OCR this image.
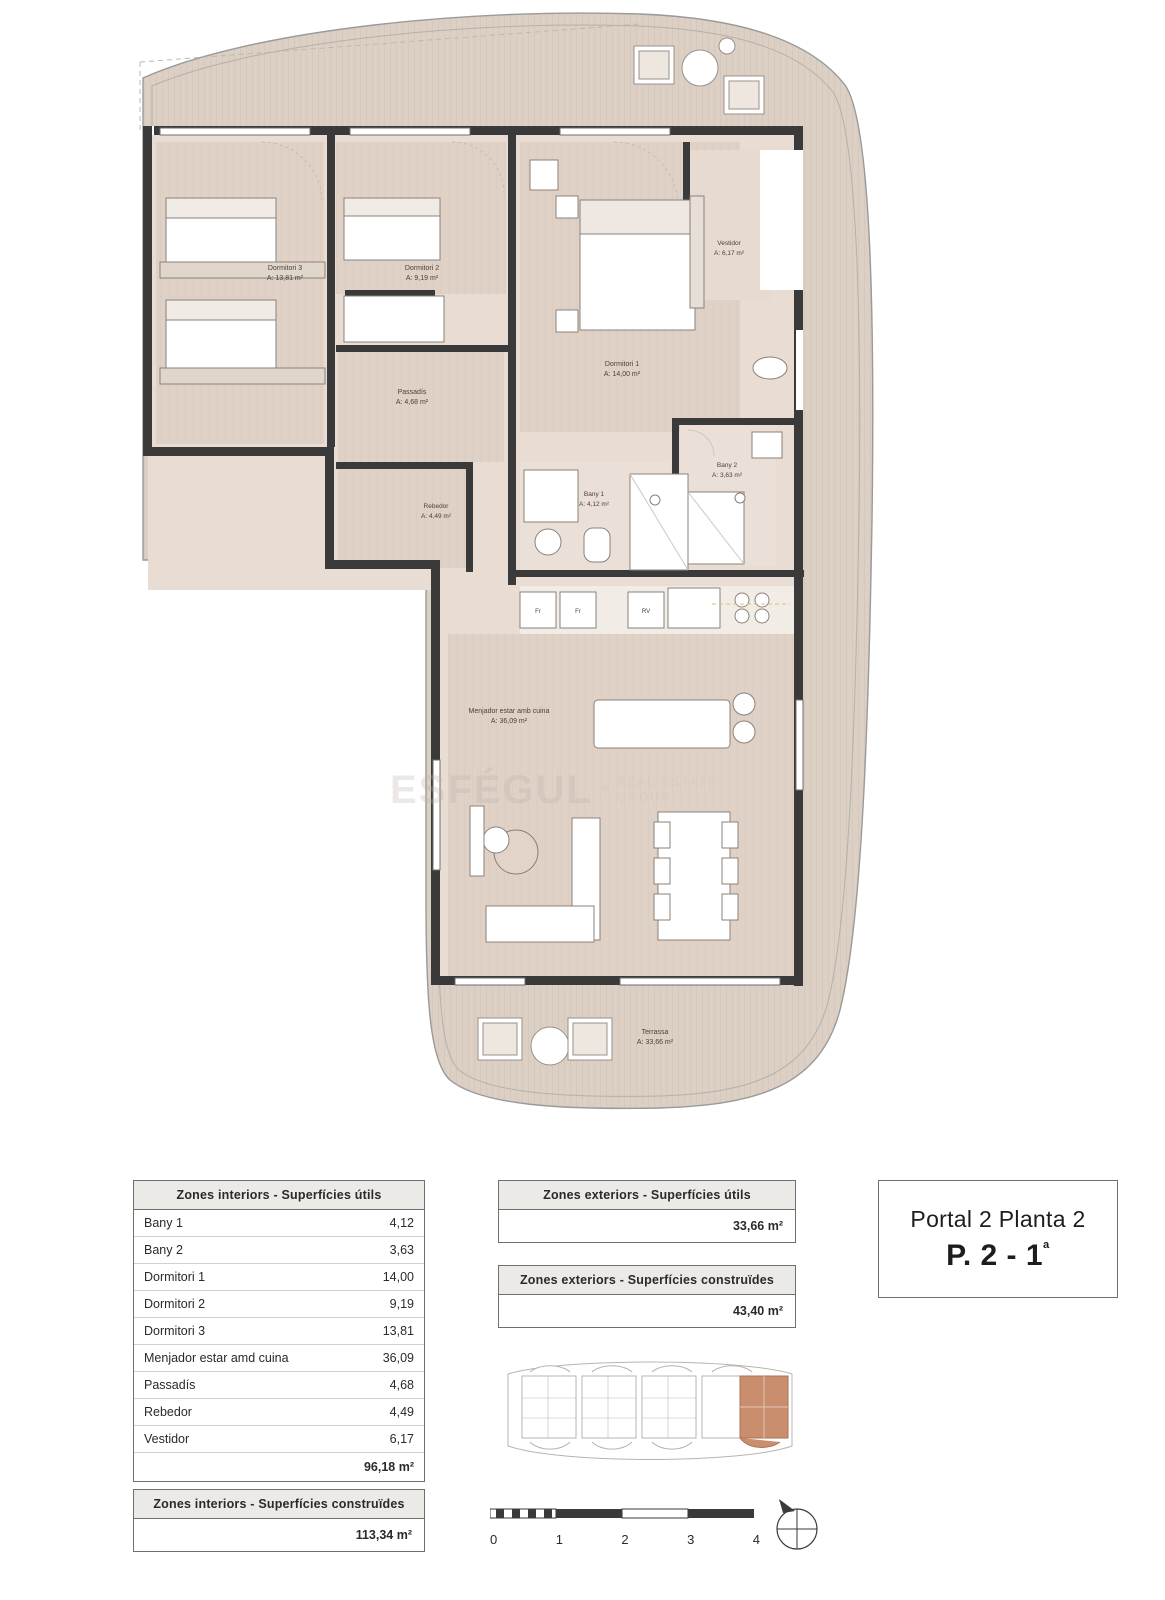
Dormitori 3
A: 13,81 m²
Dormitori 2
A: 9,19 m²
Dormitori 1
A: 14,00 m²
Vestidor
A: 6,17 m²
Passadís
A: 4,68 m²
Rebedor
A: 4,49 m²
Bany 1
A: 4,12 m²
Bany 2
A: 3,63 m²
Menjador estar amb cuina
A: 36,09 m²
Terrassa
A: 33,66 m²
Fr	Fr	RV
ESFÉGUL ®
REAL ESTATE
GROUP
Zones interiors - Superfícies útils
Bany 1	4,12
Bany 2	3,63
Dormitori 1	14,00
Dormitori 2	9,19
Dormitori 3	13,81
Menjador estar amd cuina	36,09
Passadís	4,68
Rebedor	4,49
Vestidor	6,17
96,18 m²
Zones interiors - Superfícies construïdes
113,34 m²
Zones exteriors - Superfícies útils
33,66 m²
Zones exteriors - Superfícies construïdes
43,40 m²
Portal 2 Planta 2
P. $2 - 1^ª$
0	1	2	3	4
